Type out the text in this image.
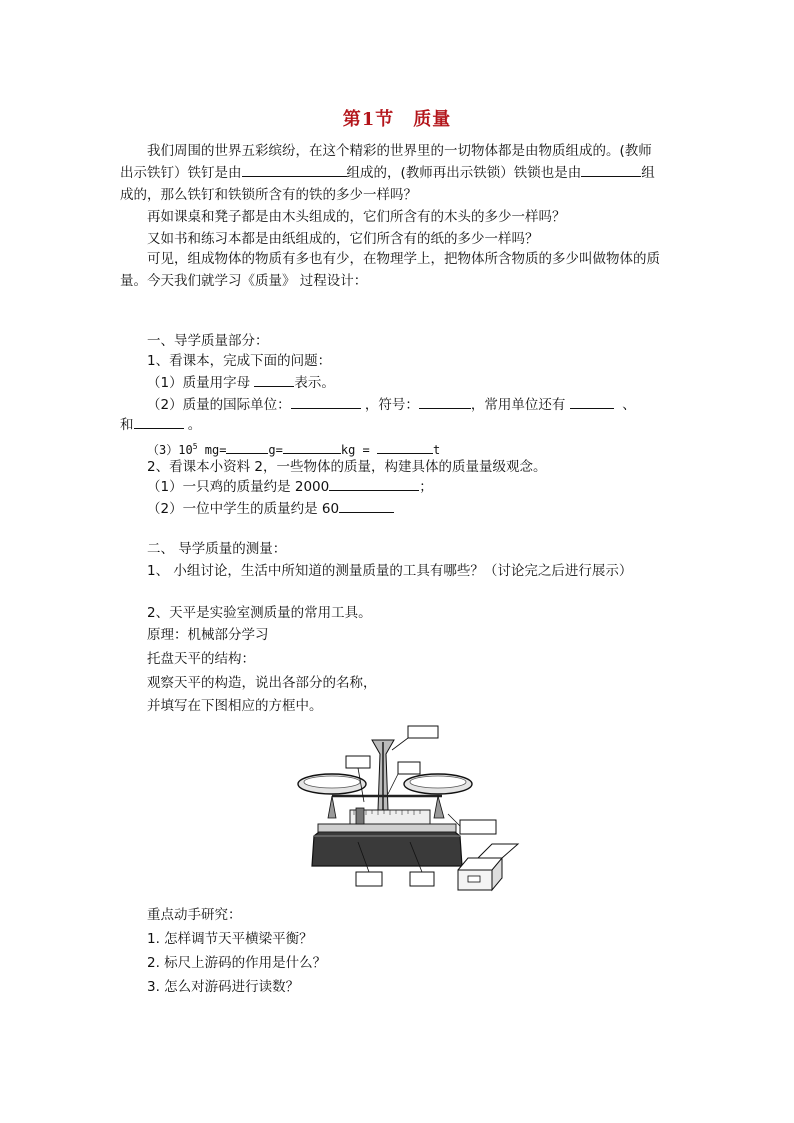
第1节　质量
我们周围的世界五彩缤纷，在这个精彩的世界里的一切物体都是由物质组成的。(教师
出示铁钉）铁钉是由	组成的，(教师再出示铁锁）铁锁也是由	组
成的，那么铁钉和铁锁所含有的铁的多少一样吗？
再如课桌和凳子都是由木头组成的，它们所含有的木头的多少一样吗？
又如书和练习本都是由纸组成的，它们所含有的纸的多少一样吗？
可见，组成物体的物质有多也有少，在物理学上，把物体所含物质的多少叫做物体的质
量。今天我们就学习《质量》 过程设计：
一、导学质量部分：
1、看课本，完成下面的问题：
（1）质量用字母	表示。
（2）质量的国际单位：	，符号：	，常用单位还有	、
和	。
$(3)10^5$ mg=	g=	kg =	t
2、看课本小资料 2，一些物体的质量，构建具体的质量量级观念。
（1）一只鸡的质量约是 2000	；
（2）一位中学生的质量约是 60
二、 导学质量的测量：
1、 小组讨论，生活中所知道的测量质量的工具有哪些？（讨论完之后进行展示）
2、天平是实验室测质量的常用工具。
原理：机械部分学习
托盘天平的结构：
观察天平的构造，说出各部分的名称，
并填写在下图相应的方框中。
重点动手研究：
1. 怎样调节天平横梁平衡？
2. 标尺上游码的作用是什么？
3. 怎么对游码进行读数？
